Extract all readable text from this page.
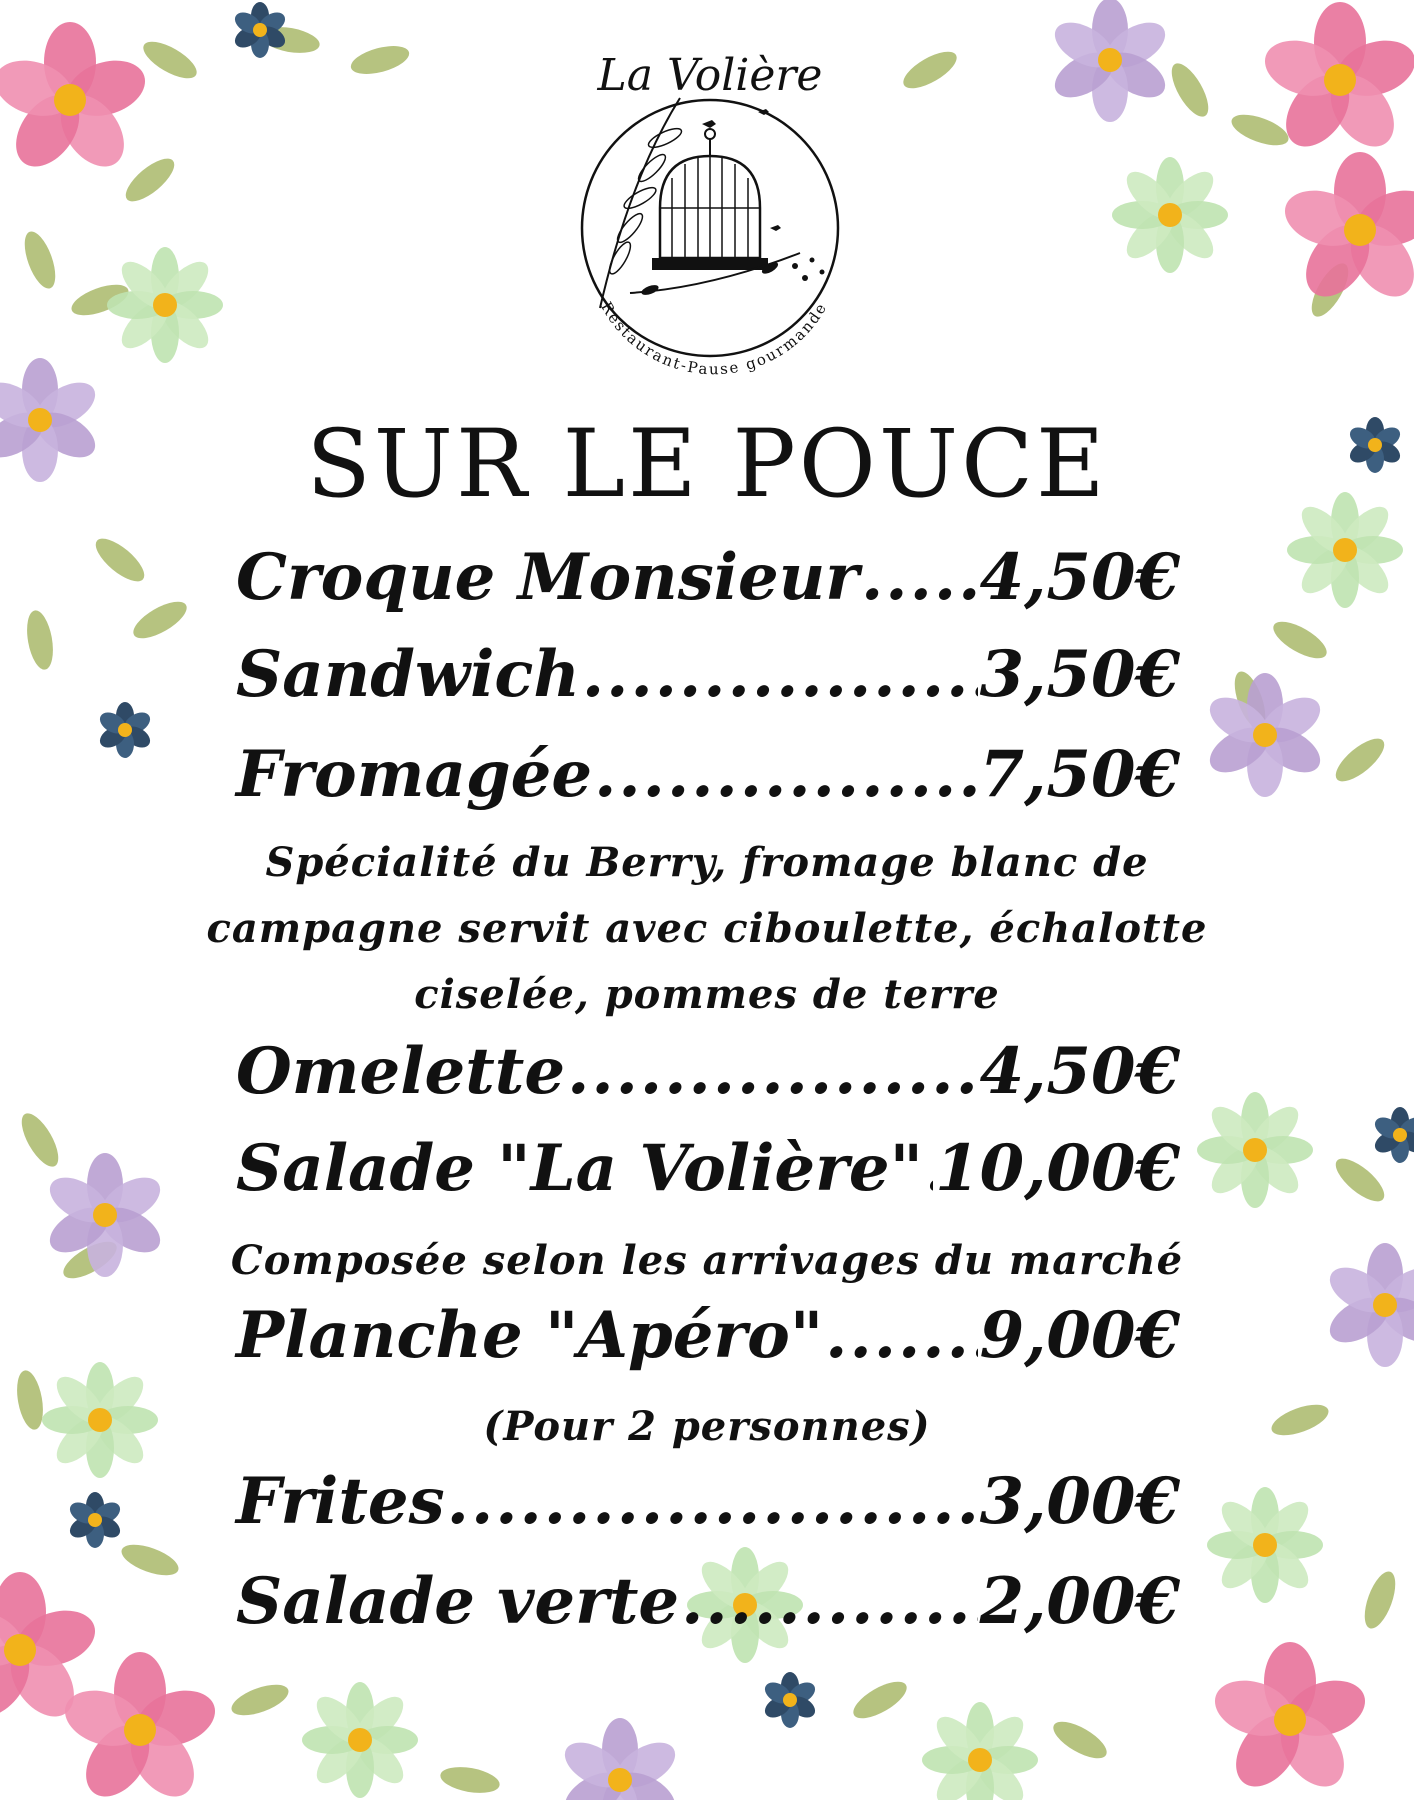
La Volière
Restaurant-Pause gourmande
SUR LE POUCE
Croque Monsieur ..... 4,50€
Sandwich .....	3,50€
Fromagée .....	7,50€
Spécialité du Berry, fromage blanc de
campagne servit avec ciboulette, échalotte
ciselée, pommes de terre
Omelette .....	4,50€
Salade "La Volière" ..... 10,00€
Composée selon les arrivages du marché
Planche "Apéro" ..... 9,00€
(Pour 2 personnes)
Frites .....	3,00€
Salade verte .....	2,00€
